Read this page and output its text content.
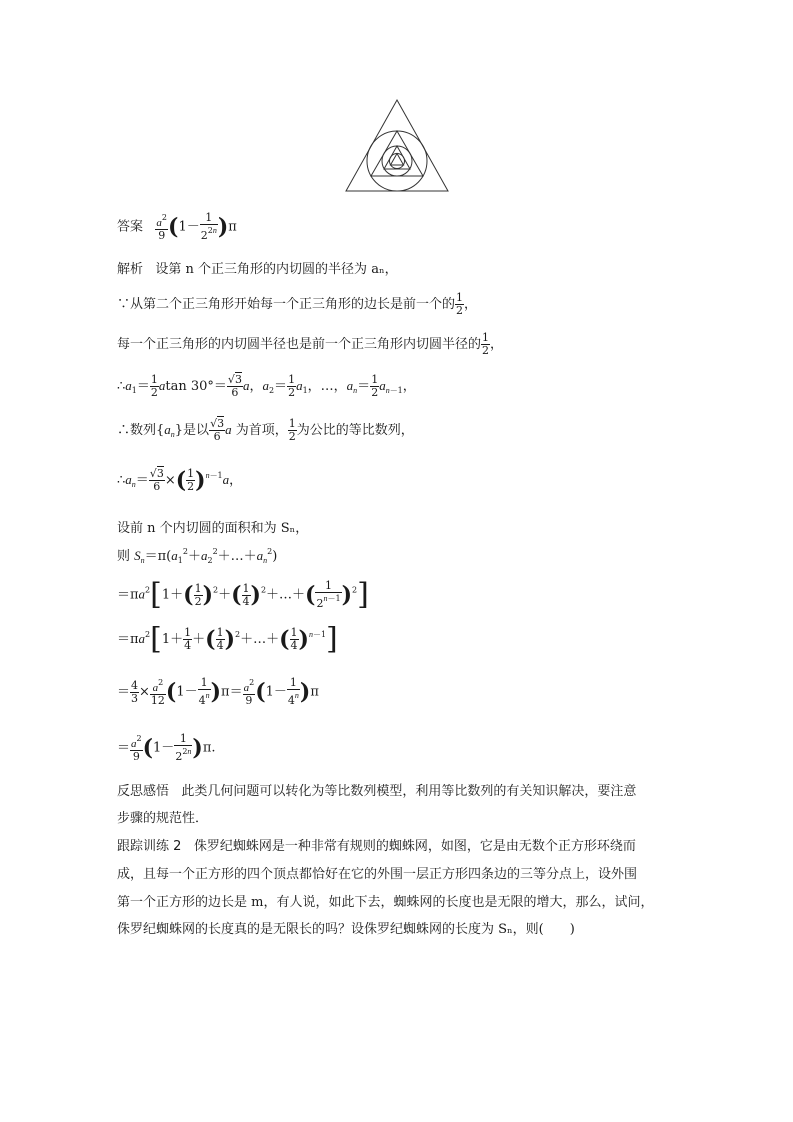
答案 $\frac{a^2}{9} (1- \frac{1}{2^{2n}} )\pi$
解析 设第 n 个正三角形的内切圆的半径为 aₙ，
∵从第二个正三角形开始每一个正三角形的边长是前一个的 $\frac{1}{2}$ ，
每一个正三角形的内切圆半径也是前一个正三角形内切圆半径的 $\frac{1}{2}$ ，
$\therefore a_1= \frac{1}{2}$ atan $30^\circ= \frac{√3}{6}$ a，$a_2= \frac{1}{2} a_1$，…，$a_n= \frac{1}{2} a_{n-1}$，
∴数列$\{a_n\}$是以 $\frac{√3}{6}$ a 为首项， $\frac{1}{2}$ 为公比的等比数列，
$\therefore a_n= \frac{√3}{6}$ ×( $\frac{1}{2} )^{n-1}a$，
设前 n 个内切圆的面积和为 Sₙ，
则 $S_n=\pi(a_1^2+a_2^2+\dots+a_n^2)$
$=\pi a^2[1+( \frac{1}{2} )^2+( \frac{1}{4}$ )$^2+\dots+( \frac{1}{2^{n-1}} )^2$]
$=\pi a^2[1+ \frac{1}{4}$ ＋( $\frac{1}{4}$ )$^2$＋…＋( $\frac{1}{4} )^{n-1}$]
＝ $\frac{4}{3} \times \frac{a^2}{12} (1- \frac{1}{4^n} )\pi= \frac{a^2}{9} (1- \frac{1}{4^n} )\pi$
＝ $\frac{a^2}{9} (1- \frac{1}{2^{2n}} )\pi$.
反思感悟 此类几何问题可以转化为等比数列模型，利用等比数列的有关知识解决，要注意
步骤的规范性．
跟踪训练 2 侏罗纪蜘蛛网是一种非常有规则的蜘蛛网，如图，它是由无数个正方形环绕而
成，且每一个正方形的四个顶点都恰好在它的外围一层正方形四条边的三等分点上，设外围
第一个正方形的边长是 m，有人说，如此下去，蜘蛛网的长度也是无限的增大，那么，试问，
侏罗纪蜘蛛网的长度真的是无限长的吗？设侏罗纪蜘蛛网的长度为 Sₙ，则(　　)
